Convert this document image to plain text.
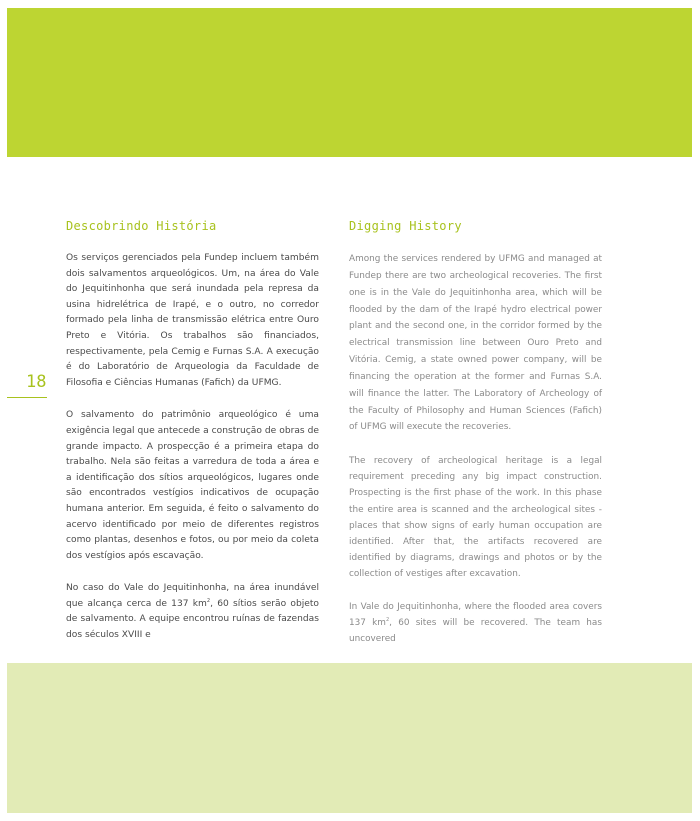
18
Descobrindo História

Os serviços gerenciados pela Fundep incluem também dois salvamentos arqueológicos. Um, na área do Vale do Jequitinhonha que será inundada pela represa da usina hidrelétrica de Irapé, e o outro, no corredor formado pela linha de transmissão elétrica entre Ouro Preto e Vitória. Os trabalhos são financiados, respectivamente, pela Cemig e Furnas S.A. A execução é do Laboratório de Arqueologia da Faculdade de Filosofia e Ciências Humanas (Fafich) da UFMG.

O salvamento do patrimônio arqueológico é uma exigência legal que antecede a construção de obras de grande impacto. A prospecção é a primeira etapa do trabalho. Nela são feitas a varredura de toda a área e a identificação dos sítios arqueológicos, lugares onde são encontrados vestígios indicativos de ocupação humana anterior. Em seguida, é feito o salvamento do acervo identificado por meio de diferentes registros como plantas, desenhos e fotos, ou por meio da coleta dos vestígios após escavação.

No caso do Vale do Jequitinhonha, na área inundável que alcança cerca de 137 $km^2$, 60 sítios serão objeto de salvamento. A equipe encontrou ruínas de fazendas dos séculos XVIII e

Digging History

Among the services rendered by UFMG and managed at Fundep there are two archeological recoveries. The first one is in the Vale do Jequitinhonha area, which will be flooded by the dam of the Irapé hydro electrical power plant and the second one, in the corridor formed by the electrical transmission line between Ouro Preto and Vitória. Cemig, a state owned power company, will be financing the operation at the former and Furnas S.A. will finance the latter. The Laboratory of Archeology of the Faculty of Philosophy and Human Sciences (Fafich) of UFMG will execute the recoveries.

The recovery of archeological heritage is a legal requirement preceding any big impact construction. Prospecting is the first phase of the work. In this phase the entire area is scanned and the archeological sites - places that show signs of early human occupation are identified. After that, the artifacts recovered are identified by diagrams, drawings and photos or by the collection of vestiges after excavation.

In Vale do Jequitinhonha, where the flooded area covers 137 $km^2$, 60 sites will be recovered. The team has uncovered
